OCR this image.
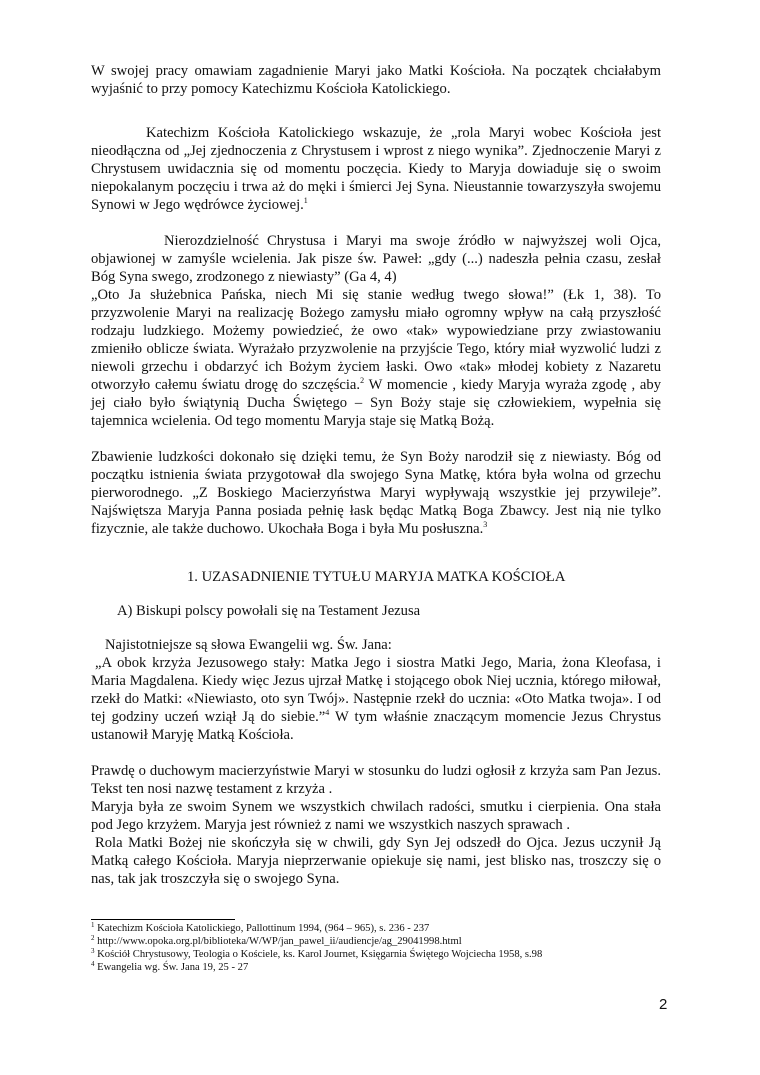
W swojej pracy omawiam zagadnienie Maryi jako Matki Kościoła. Na początek chciałabym wyjaśnić to przy pomocy Katechizmu Kościoła Katolickiego.

Katechizm Kościoła Katolickiego wskazuje, że „rola Maryi wobec Kościoła jest nieodłączna od „Jej zjednoczenia z Chrystusem i wprost z niego wynika”. Zjednoczenie Maryi z Chrystusem uwidacznia się od momentu poczęcia. Kiedy to Maryja dowiaduje się o swoim niepokalanym poczęciu i trwa aż do męki i śmierci Jej Syna. Nieustannie towarzyszyła swojemu Synowi w Jego wędrówce życiowej.$^1$

Nierozdzielność Chrystusa i Maryi ma swoje źródło w najwyższej woli Ojca, objawionej w zamyśle wcielenia. Jak pisze św. Paweł: „gdy (...) nadeszła pełnia czasu, zesłał Bóg Syna swego, zrodzonego z niewiasty” (Ga 4, 4)

„Oto Ja służebnica Pańska, niech Mi się stanie według twego słowa!” (Łk 1, 38). To przyzwolenie Maryi na realizację Bożego zamysłu miało ogromny wpływ na całą przyszłość rodzaju ludzkiego. Możemy powiedzieć, że owo «tak» wypowiedziane przy zwiastowaniu zmieniło oblicze świata. Wyrażało przyzwolenie na przyjście Tego, który miał wyzwolić ludzi z niewoli grzechu i obdarzyć ich Bożym życiem łaski. Owo «tak» młodej kobiety z Nazaretu otworzyło całemu światu drogę do szczęścia.$^2$ W momencie , kiedy Maryja wyraża zgodę , aby jej ciało było świątynią Ducha Świętego – Syn Boży staje się człowiekiem, wypełnia się tajemnica wcielenia. Od tego momentu Maryja staje się Matką Bożą.

Zbawienie ludzkości dokonało się dzięki temu, że Syn Boży narodził się z niewiasty. Bóg od początku istnienia świata przygotował dla swojego Syna Matkę, która była wolna od grzechu pierworodnego. „Z Boskiego Macierzyństwa Maryi wypływają wszystkie jej przywileje”. Najświętsza Maryja Panna posiada pełnię łask będąc Matką Boga Zbawcy. Jest nią nie tylko fizycznie, ale także duchowo. Ukochała Boga i była Mu posłuszna.$^3$

1. UZASADNIENIE TYTUŁU MARYJA MATKA KOŚCIOŁA

A) Biskupi polscy powołali się na Testament Jezusa

Najistotniejsze są słowa Ewangelii wg. Św. Jana:

„A obok krzyża Jezusowego stały: Matka Jego i siostra Matki Jego, Maria, żona Kleofasa, i Maria Magdalena. Kiedy więc Jezus ujrzał Matkę i stojącego obok Niej ucznia, którego miłował, rzekł do Matki: «Niewiasto, oto syn Twój». Następnie rzekł do ucznia: «Oto Matka twoja». I od tej godziny uczeń wziął Ją do siebie.”$^4$ W tym właśnie znaczącym momencie Jezus Chrystus ustanowił Maryję Matką Kościoła.

Prawdę o duchowym macierzyństwie Maryi w stosunku do ludzi ogłosił z krzyża sam Pan Jezus. Tekst ten nosi nazwę testament z krzyża .

Maryja była ze swoim Synem we wszystkich chwilach radości, smutku i cierpienia. Ona stała pod Jego krzyżem. Maryja jest również z nami we wszystkich naszych sprawach .

Rola Matki Bożej nie skończyła się w chwili, gdy Syn Jej odszedł do Ojca. Jezus uczynił Ją Matką całego Kościoła. Maryja nieprzerwanie opiekuje się nami, jest blisko nas, troszczy się o nas, tak jak troszczyła się o swojego Syna.

$^1$ Katechizm Kościoła Katolickiego, Pallottinum 1994, (964 – 965), s. 236 - 237
$^2$ http://www.opoka.org.pl/biblioteka/W/WP/jan_pawel_ii/audiencje/ag_29041998.html
$^3$ Kościół Chrystusowy, Teologia o Kościele, ks. Karol Journet, Księgarnia Świętego Wojciecha 1958, s.98
$^4$ Ewangelia wg. Św. Jana 19, 25 - 27
2
